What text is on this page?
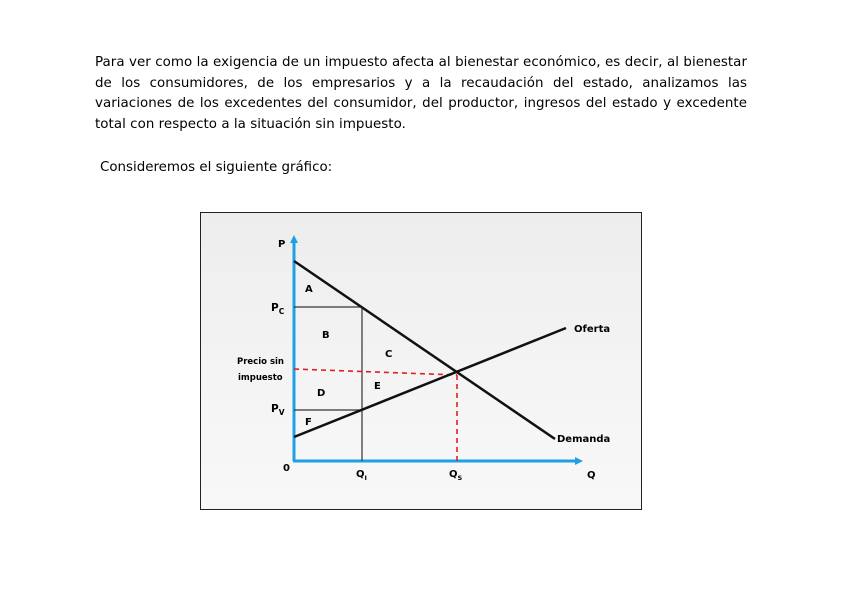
Para ver como la exigencia de un impuesto afecta al bienestar económico, es decir, al bienestar de los consumidores, de los empresarios y a la recaudación del estado, analizamos las variaciones de los excedentes del consumidor, del productor, ingresos del estado y excedente total con respecto a la situación sin impuesto.
Consideremos el siguiente gráfico:
P
Q
0
$P_C$
Precio sin
impuesto
$P_V$
$Q_I$	$Q_S$
Oferta
Demanda
A
B
C
D
E
F
